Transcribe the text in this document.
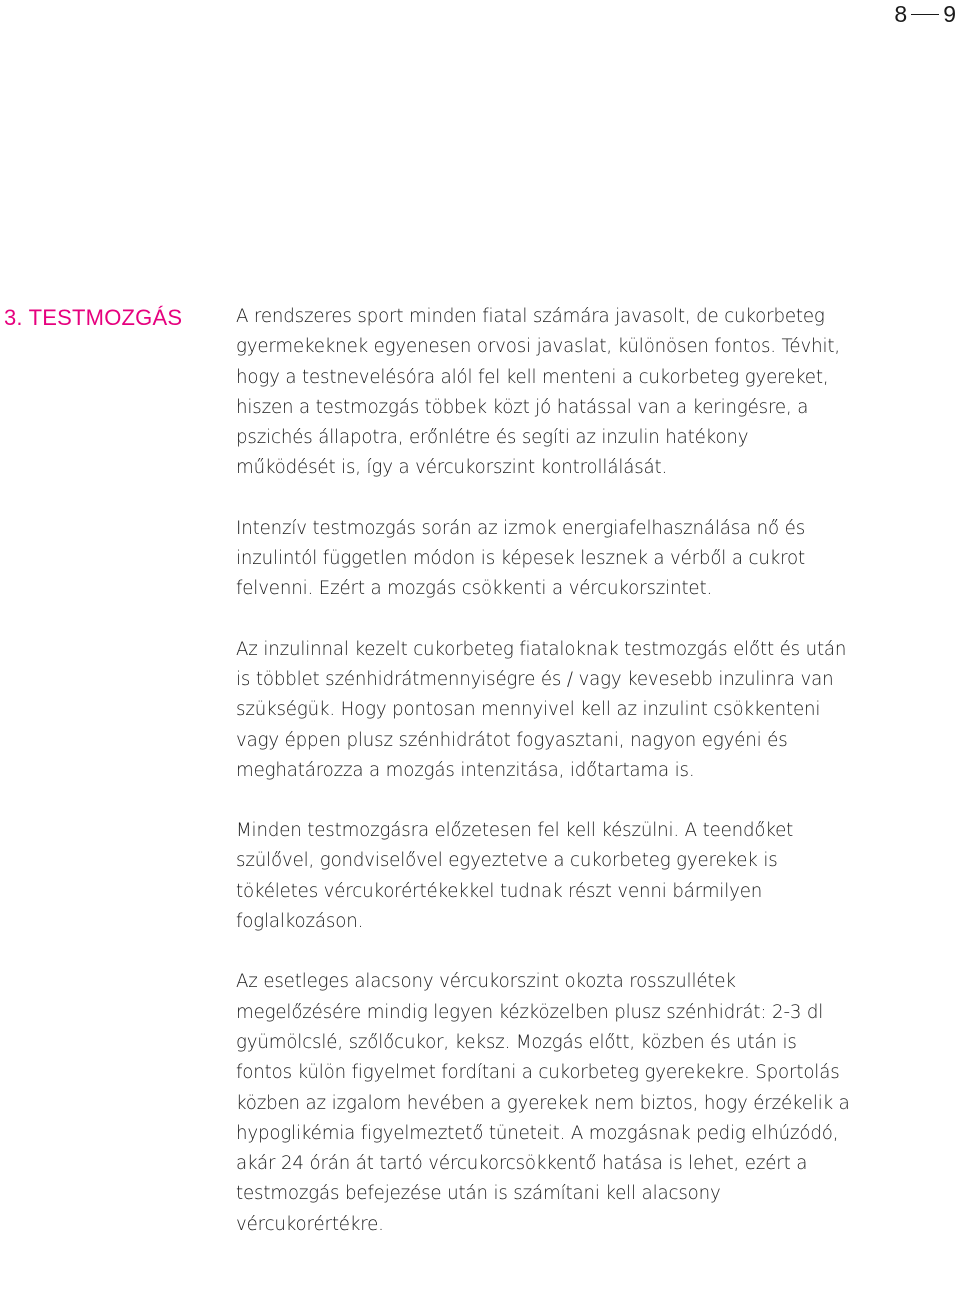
8 9
3. TESTMOZGÁS	A rendszeres sport minden fiatal számára javasolt, de cukorbeteg gyermekeknek egyenesen orvosi javaslat, különösen fontos. Tévhit, hogy a testnevelésóra alól fel kell menteni a cukorbeteg gyereket, hiszen a testmozgás többek közt jó hatással van a keringésre, a pszichés állapotra, erőnlétre és segíti az inzulin hatékony működését is, így a vércukorszint kontrollálását.

Intenzív testmozgás során az izmok energiafelhasználása nő és inzulintól független módon is képesek lesznek a vérből a cukrot felvenni. Ezért a mozgás csökkenti a vércukorszintet.

Az inzulinnal kezelt cukorbeteg fiataloknak testmozgás előtt és után is többlet szénhidrátmennyiségre és / vagy kevesebb inzulinra van szükségük. Hogy pontosan mennyivel kell az inzulint csökkenteni vagy éppen plusz szénhidrátot fogyasztani, nagyon egyéni és meghatározza a mozgás intenzitása, időtartama is.

Minden testmozgásra előzetesen fel kell készülni. A teendőket szülővel, gondviselővel egyeztetve a cukorbeteg gyerekek is tökéletes vércukorértékekkel tudnak részt venni bármilyen foglalkozáson.

Az esetleges alacsony vércukorszint okozta rosszullétek megelőzésére mindig legyen kézközelben plusz szénhidrát: 2-3 dl gyümölcslé, szőlőcukor, keksz. Mozgás előtt, közben és után is fontos külön figyelmet fordítani a cukorbeteg gyerekekre. Sportolás közben az izgalom hevében a gyerekek nem biztos, hogy érzékelik a hypoglikémia figyelmeztető tüneteit. A mozgásnak pedig elhúzódó, akár 24 órán át tartó vércukorcsökkentő hatása is lehet, ezért a testmozgás befejezése után is számítani kell alacsony vércukorértékre.
